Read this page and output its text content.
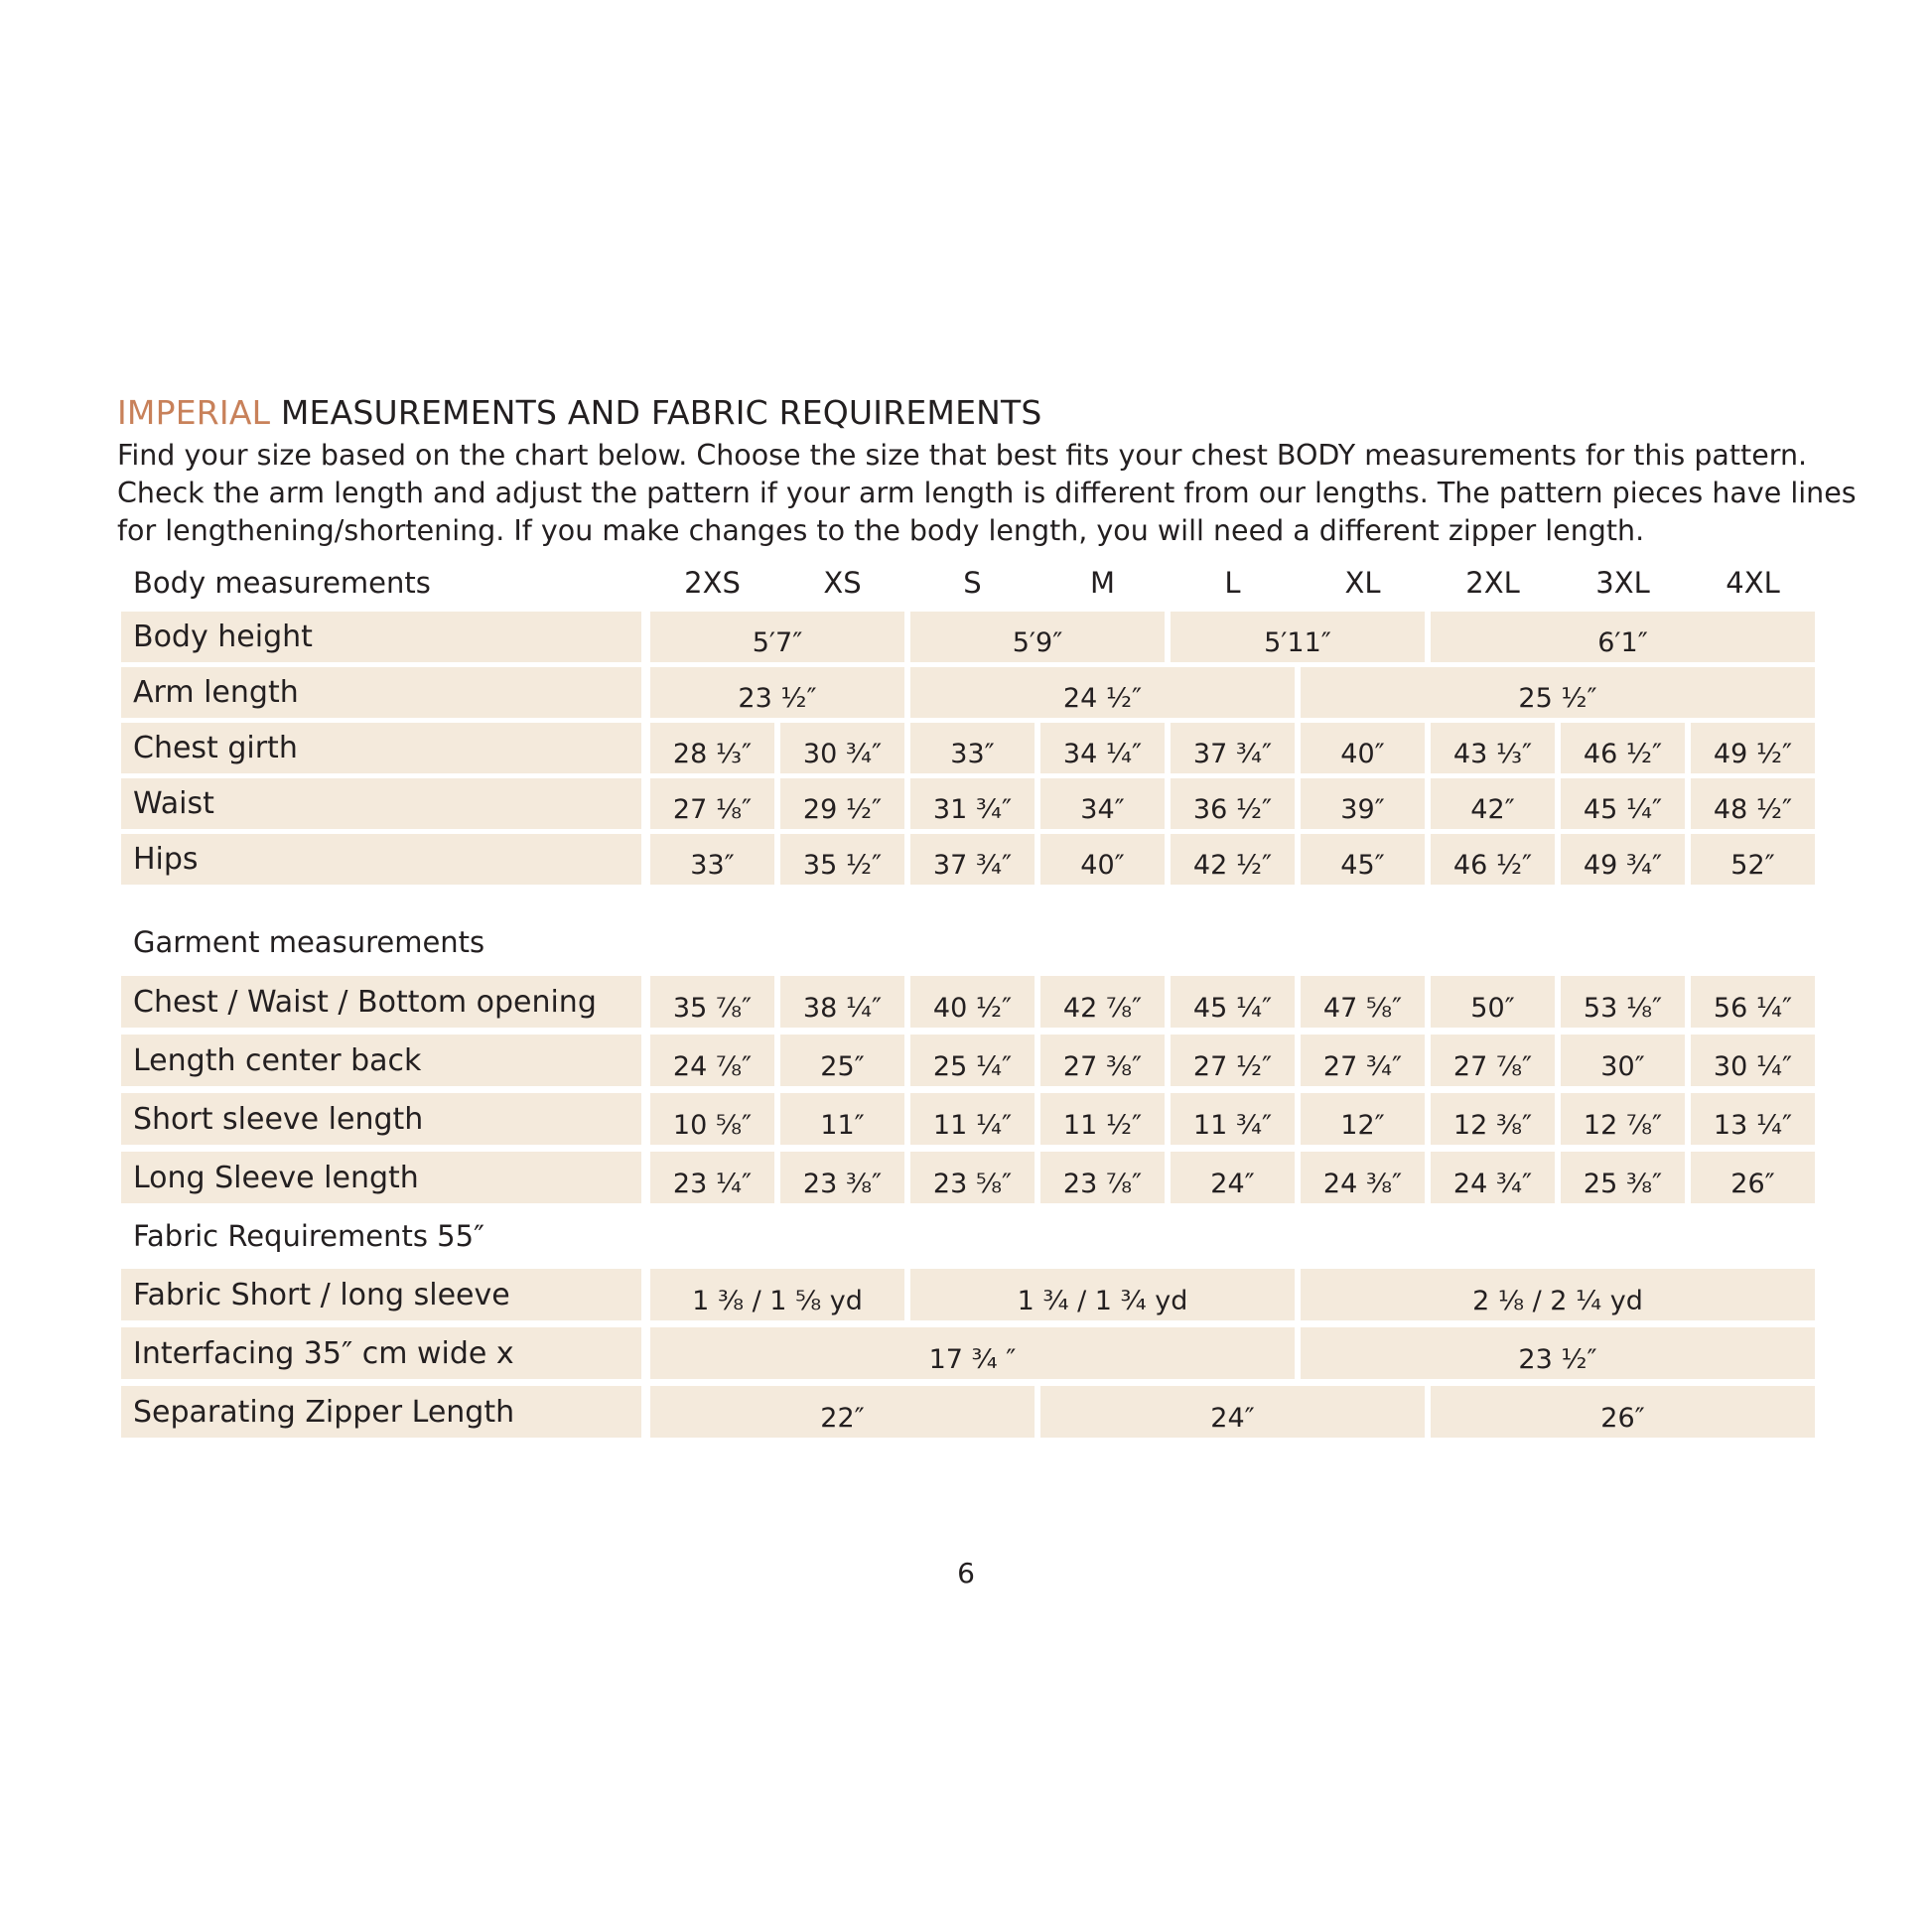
IMPERIAL MEASUREMENTS AND FABRIC REQUIREMENTS
Find your size based on the chart below. Choose the size that best fits your chest BODY measurements for this pattern.
Check the arm length and adjust the pattern if your arm length is different from our lengths. The pattern pieces have lines
for lengthening/shortening. If you make changes to the body length, you will need a different zipper length.
Body measurements	2XS	XS	S	M	L	XL	2XL	3XL	4XL
Body height	5′7″	5′9″	5′11″	6′1″
Arm length	23 ½″	24 ½″	25 ½″
Chest girth	28 ⅓″	30 ¾″	33″	34 ¼″	37 ¾″	40″	43 ⅓″	46 ½″	49 ½″
Waist	27 ⅛″	29 ½″	31 ¾″	34″	36 ½″	39″	42″	45 ¼″	48 ½″
Hips	33″	35 ½″	37 ¾″	40″	42 ½″	45″	46 ½″	49 ¾″	52″
Garment measurements
Chest / Waist / Bottom opening	35 ⅞″	38 ¼″	40 ½″	42 ⅞″	45 ¼″	47 ⅝″	50″	53 ⅛″	56 ¼″
Length center back	24 ⅞″	25″	25 ¼″	27 ⅜″	27 ½″	27 ¾″	27 ⅞″	30″	30 ¼″
Short sleeve length	10 ⅝″	11″	11 ¼″	11 ½″	11 ¾″	12″	12 ⅜″	12 ⅞″	13 ¼″
Long Sleeve length	23 ¼″	23 ⅜″	23 ⅝″	23 ⅞″	24″	24 ⅜″	24 ¾″	25 ⅜″	26″
Fabric Requirements 55″
Fabric Short / long sleeve	1 ⅜ / 1 ⅝ yd	1 ¾ / 1 ¾ yd	2 ⅛ / 2 ¼ yd
Interfacing 35″ cm wide x	17 ¾ ″	23 ½″
Separating Zipper Length	22″	24″	26″
6
